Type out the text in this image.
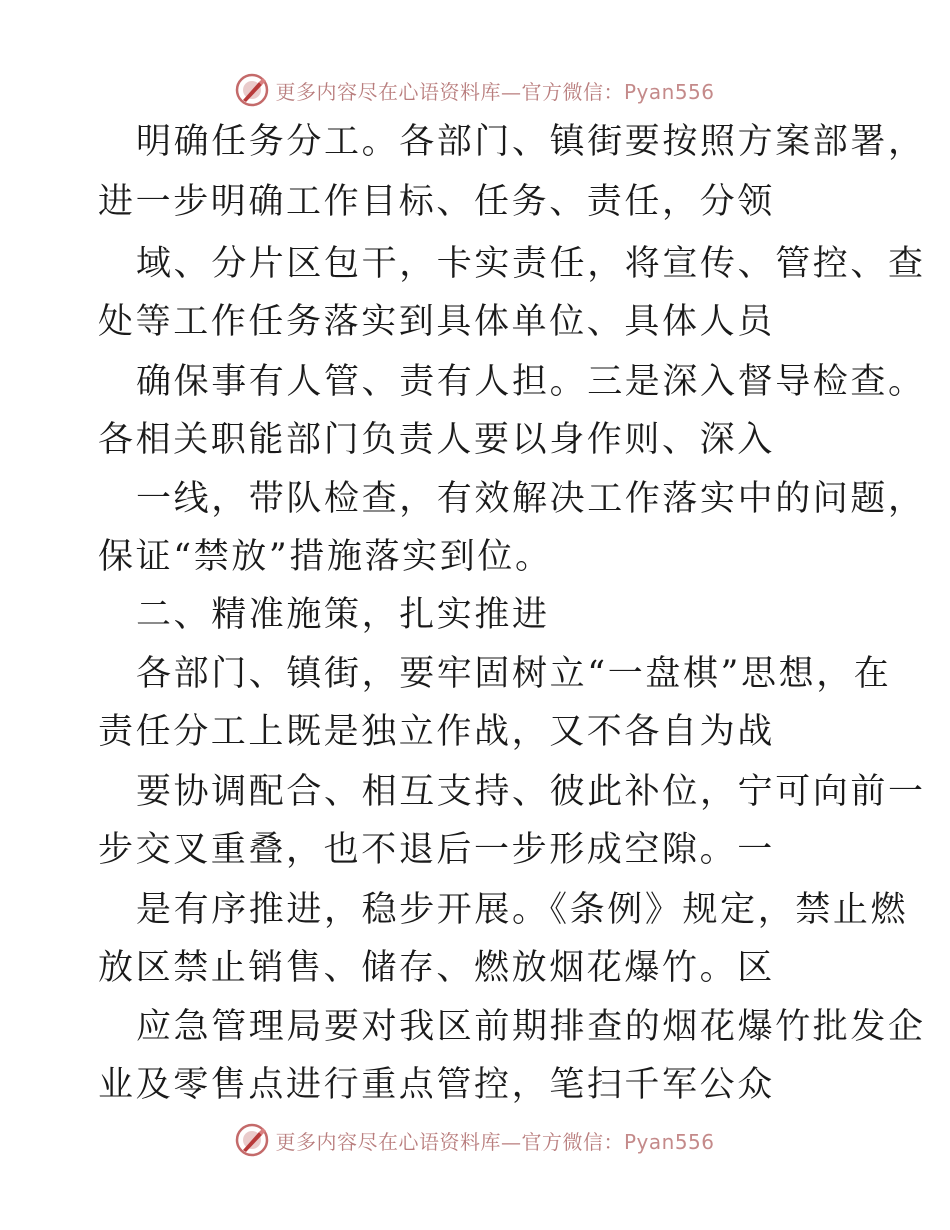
更多内容尽在心语资料库—官方微信：Pyan556
明确任务分工。各部门、镇街要按照方案部署，
进一步明确工作目标、任务、责任，分领
域、分片区包干，卡实责任，将宣传、管控、查
处等工作任务落实到具体单位、具体人员
确保事有人管、责有人担。三是深入督导检查。
各相关职能部门负责人要以身作则、深入
一线，带队检查，有效解决工作落实中的问题，
保证“禁放”措施落实到位。
二、精准施策，扎实推进
各部门、镇街，要牢固树立“一盘棋”思想，在
责任分工上既是独立作战，又不各自为战
要协调配合、相互支持、彼此补位，宁可向前一
步交叉重叠，也不退后一步形成空隙。一
是有序推进，稳步开展。《条例》规定，禁止燃
放区禁止销售、储存、燃放烟花爆竹。区
应急管理局要对我区前期排查的烟花爆竹批发企
业及零售点进行重点管控，笔扫千军公众
更多内容尽在心语资料库—官方微信：Pyan556
